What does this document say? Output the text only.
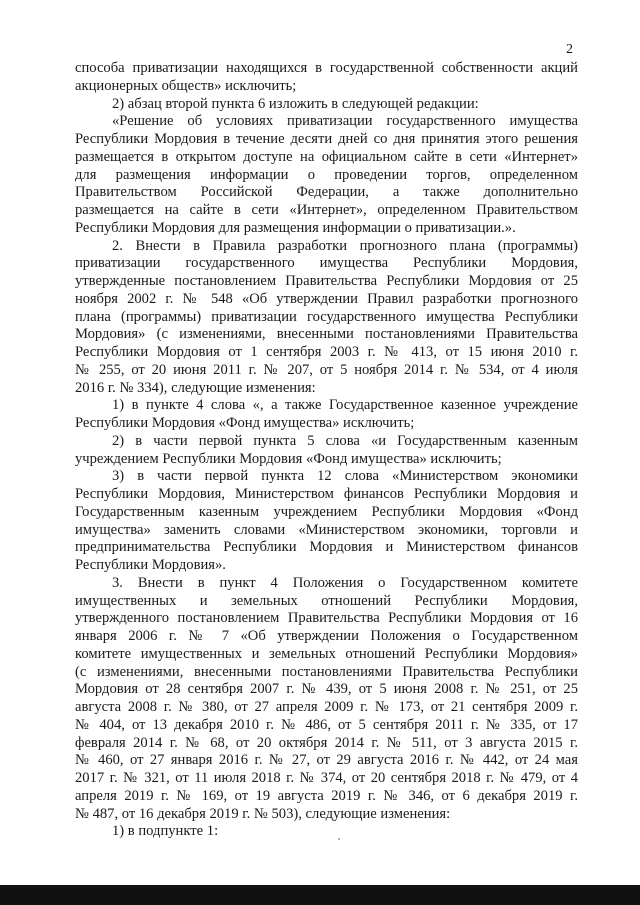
2
способа приватизации находящихся в государственной собственности акций
акционерных обществ» исключить;
2) абзац второй пункта 6 изложить в следующей редакции:
«Решение об условиях приватизации государственного имущества
Республики Мордовия в течение десяти дней со дня принятия этого решения
размещается в открытом доступе на официальном сайте в сети «Интернет»
для размещения информации о проведении торгов, определенном
Правительством Российской Федерации, а также дополнительно
размещается на сайте в сети «Интернет», определенном Правительством
Республики Мордовия для размещения информации о приватизации.».
2. Внести в Правила разработки прогнозного плана (программы)
приватизации государственного имущества Республики Мордовия,
утвержденные постановлением Правительства Республики Мордовия от 25
ноября 2002 г. № 548 «Об утверждении Правил разработки прогнозного
плана (программы) приватизации государственного имущества Республики
Мордовия» (с изменениями, внесенными постановлениями Правительства
Республики Мордовия от 1 сентября 2003 г. № 413, от 15 июня 2010 г.
№ 255, от 20 июня 2011 г. № 207, от 5 ноября 2014 г. № 534, от 4 июля
2016 г. № 334), следующие изменения:
1) в пункте 4 слова «, а также Государственное казенное учреждение
Республики Мордовия «Фонд имущества» исключить;
2) в части первой пункта 5 слова «и Государственным казенным
учреждением Республики Мордовия «Фонд имущества» исключить;
3) в части первой пункта 12 слова «Министерством экономики
Республики Мордовия, Министерством финансов Республики Мордовия и
Государственным казенным учреждением Республики Мордовия «Фонд
имущества» заменить словами «Министерством экономики, торговли и
предпринимательства Республики Мордовия и Министерством финансов
Республики Мордовия».
3. Внести в пункт 4 Положения о Государственном комитете
имущественных и земельных отношений Республики Мордовия,
утвержденного постановлением Правительства Республики Мордовия от 16
января 2006 г. № 7 «Об утверждении Положения о Государственном
комитете имущественных и земельных отношений Республики Мордовия»
(с изменениями, внесенными постановлениями Правительства Республики
Мордовия от 28 сентября 2007 г. № 439, от 5 июня 2008 г. № 251, от 25
августа 2008 г. № 380, от 27 апреля 2009 г. № 173, от 21 сентября 2009 г.
№ 404, от 13 декабря 2010 г. № 486, от 5 сентября 2011 г. № 335, от 17
февраля 2014 г. № 68, от 20 октября 2014 г. № 511, от 3 августа 2015 г.
№ 460, от 27 января 2016 г. № 27, от 29 августа 2016 г. № 442, от 24 мая
2017 г. № 321, от 11 июля 2018 г. № 374, от 20 сентября 2018 г. № 479, от 4
апреля 2019 г. № 169, от 19 августа 2019 г. № 346, от 6 декабря 2019 г.
№ 487, от 16 декабря 2019 г. № 503), следующие изменения:
1) в подпункте 1:
